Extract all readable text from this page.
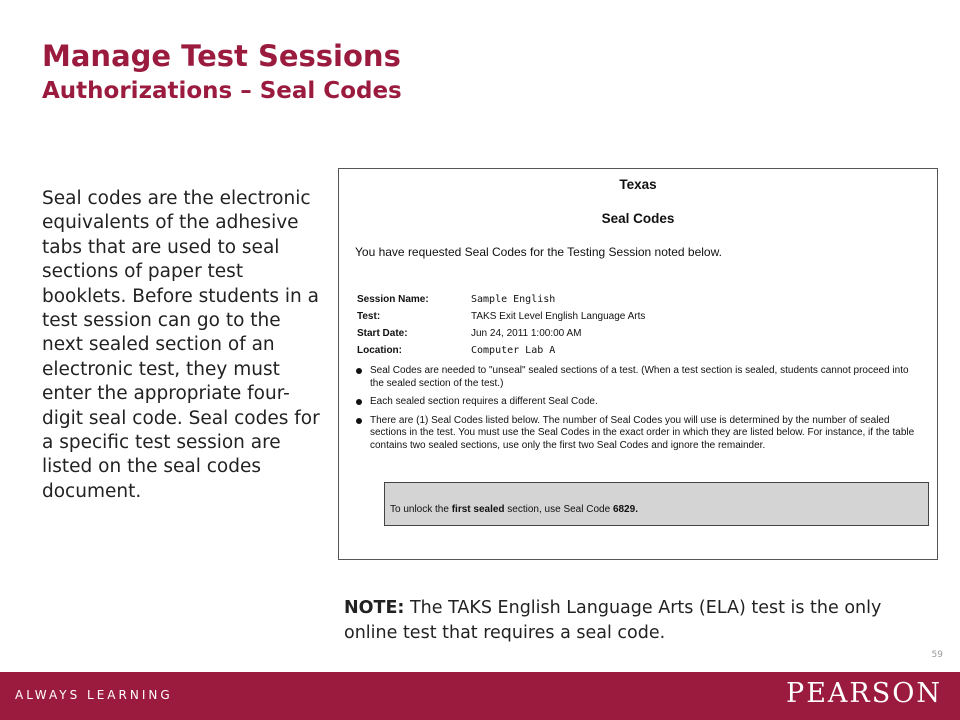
Manage Test Sessions
Authorizations – Seal Codes

Seal codes are the electronic equivalents of the adhesive tabs that are used to seal sections of paper test booklets. Before students in a test session can go to the next sealed section of an electronic test, they must enter the appropriate four-digit seal code. Seal codes for a specific test session are listed on the seal codes document.

Texas
Seal Codes
You have requested Seal Codes for the Testing Session noted below.
Session Name:	Sample English
Test:	TAKS Exit Level English Language Arts
Start Date:	Jun 24, 2011 1:00:00 AM
Location:	Computer Lab A
Seal Codes are needed to "unseal" sealed sections of a test. (When a test section is sealed, students cannot proceed into the sealed section of the test.)
Each sealed section requires a different Seal Code.
There are (1) Seal Codes listed below. The number of Seal Codes you will use is determined by the number of sealed sections in the test. You must use the Seal Codes in the exact order in which they are listed below. For instance, if the table contains two sealed sections, use only the first two Seal Codes and ignore the remainder.
To unlock the first sealed section, use Seal Code 6829.

NOTE: The TAKS English Language Arts (ELA) test is the only online test that requires a seal code.

59
ALWAYS LEARNING	PEARSON
